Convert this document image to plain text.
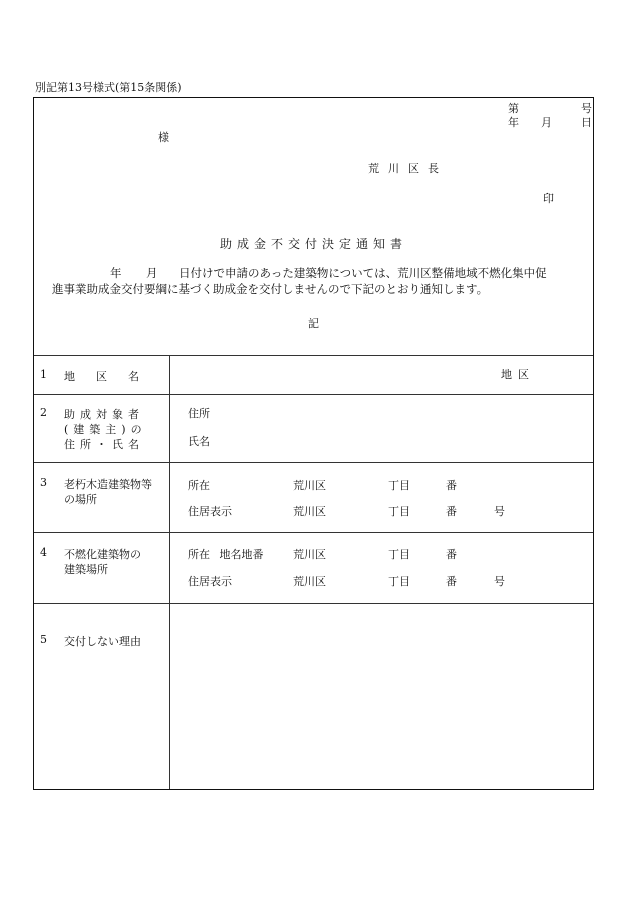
別記第13号様式(第15条関係)
第	号
年 月	日
様
荒川区長
印
助成金不交付決定通知書
年 月 日付けで申請のあった建築物については、荒川区整備地域不燃化集中促
進事業助成金交付要綱に基づく助成金を交付しませんので下記のとおり通知します。
記
1 地区名	地区
2 助成対象者
(建築主)の
住所・氏名
住所
氏名
3 老朽木造建築物等
の場所
所在	荒川区	丁目	番
住居表示	荒川区	丁目	番	号
4 不燃化建築物の
建築場所
所在 地名地番	荒川区	丁目	番
住居表示	荒川区	丁目	番	号
5 交付しない理由
